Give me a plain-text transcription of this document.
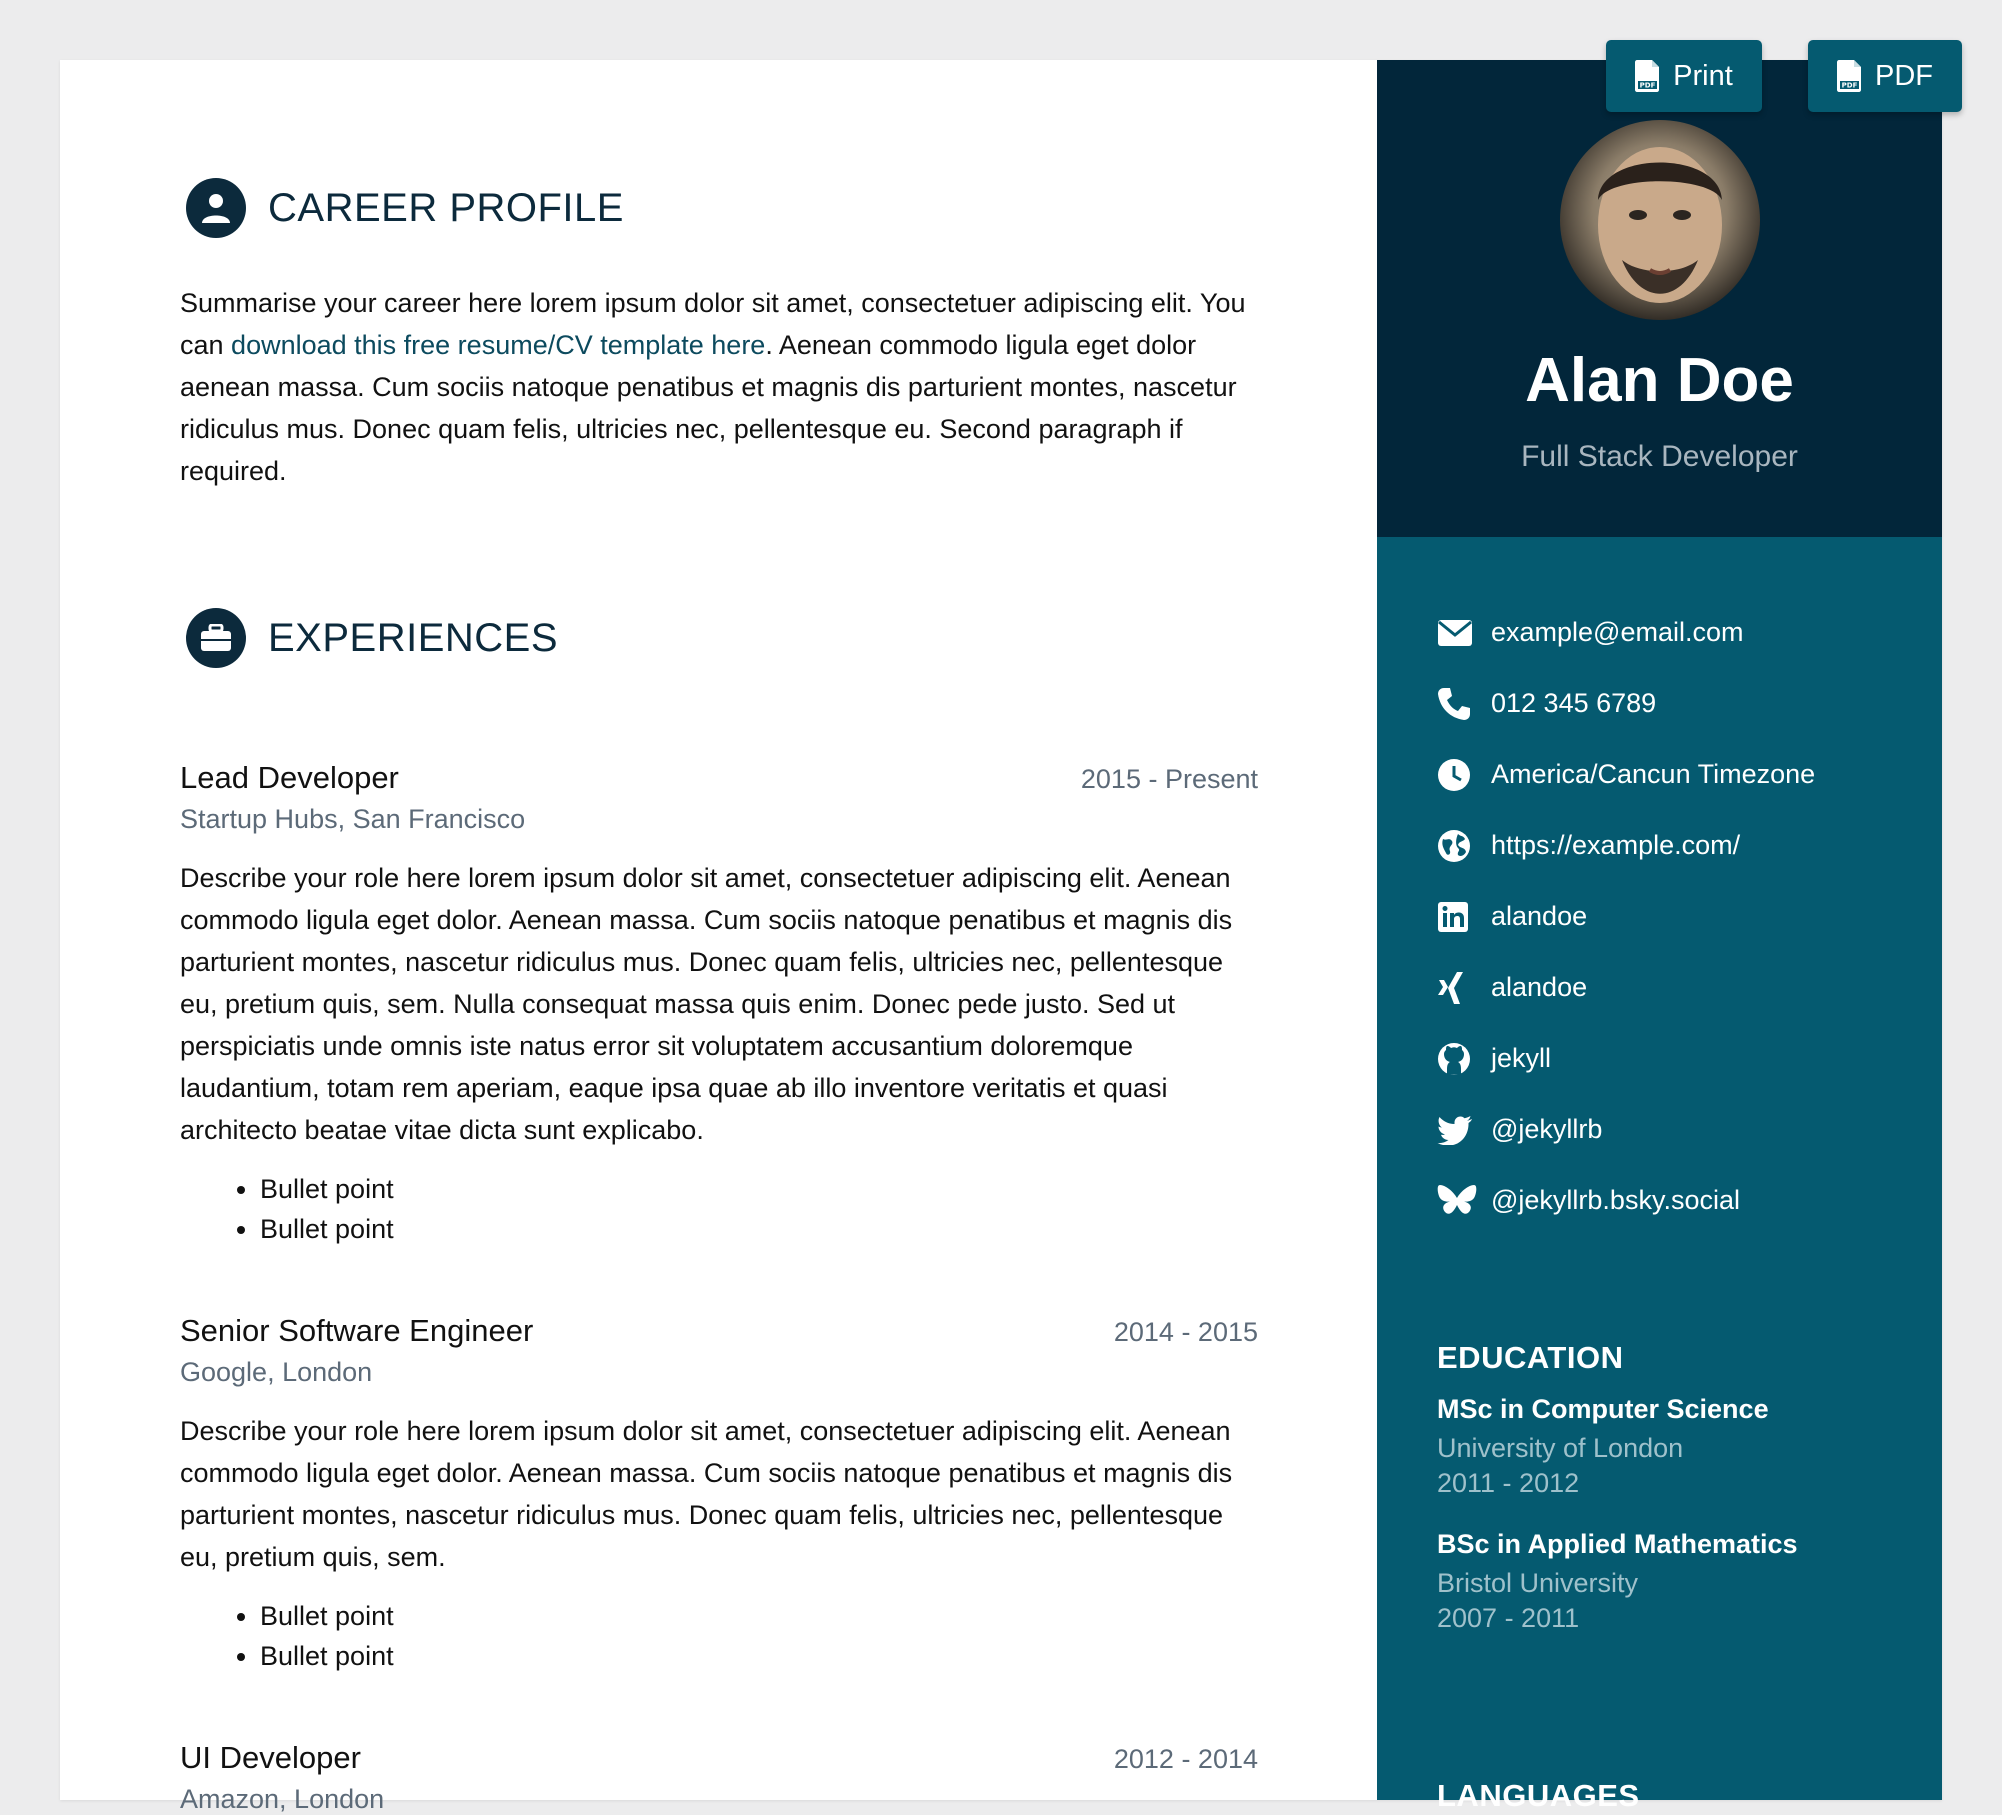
CAREER PROFILE

Summarise your career here lorem ipsum dolor sit amet, consectetuer adipiscing elit. You can download this free resume/CV template here. Aenean commodo ligula eget dolor aenean massa. Cum sociis natoque penatibus et magnis dis parturient montes, nascetur ridiculus mus. Donec quam felis, ultricies nec, pellentesque eu. Second paragraph if required.

EXPERIENCES
Lead Developer	2015 - Present
Startup Hubs, San Francisco

Describe your role here lorem ipsum dolor sit amet, consectetuer adipiscing elit. Aenean commodo ligula eget dolor. Aenean massa. Cum sociis natoque penatibus et magnis dis parturient montes, nascetur ridiculus mus. Donec quam felis, ultricies nec, pellentesque eu, pretium quis, sem. Nulla consequat massa quis enim. Donec pede justo. Sed ut perspiciatis unde omnis iste natus error sit voluptatem accusantium doloremque laudantium, totam rem aperiam, eaque ipsa quae ab illo inventore veritatis et quasi architecto beatae vitae dicta sunt explicabo.

• Bullet point
• Bullet point
Senior Software Engineer	2014 - 2015
Google, London

Describe your role here lorem ipsum dolor sit amet, consectetuer adipiscing elit. Aenean commodo ligula eget dolor. Aenean massa. Cum sociis natoque penatibus et magnis dis parturient montes, nascetur ridiculus mus. Donec quam felis, ultricies nec, pellentesque eu, pretium quis, sem.

• Bullet point
• Bullet point
UI Developer	2012 - 2014
Amazon, London
Alan Doe
Full Stack Developer
example@email.com
012 345 6789
America/Cancun Timezone
https://example.com/
alandoe
alandoe
jekyll
@jekyllrb
@jekyllrb.bsky.social
EDUCATION
MSc in Computer Science
University of London
2011 - 2012
BSc in Applied Mathematics
Bristol University
2007 - 2011
LANGUAGES
PDF Print	PDF PDF
